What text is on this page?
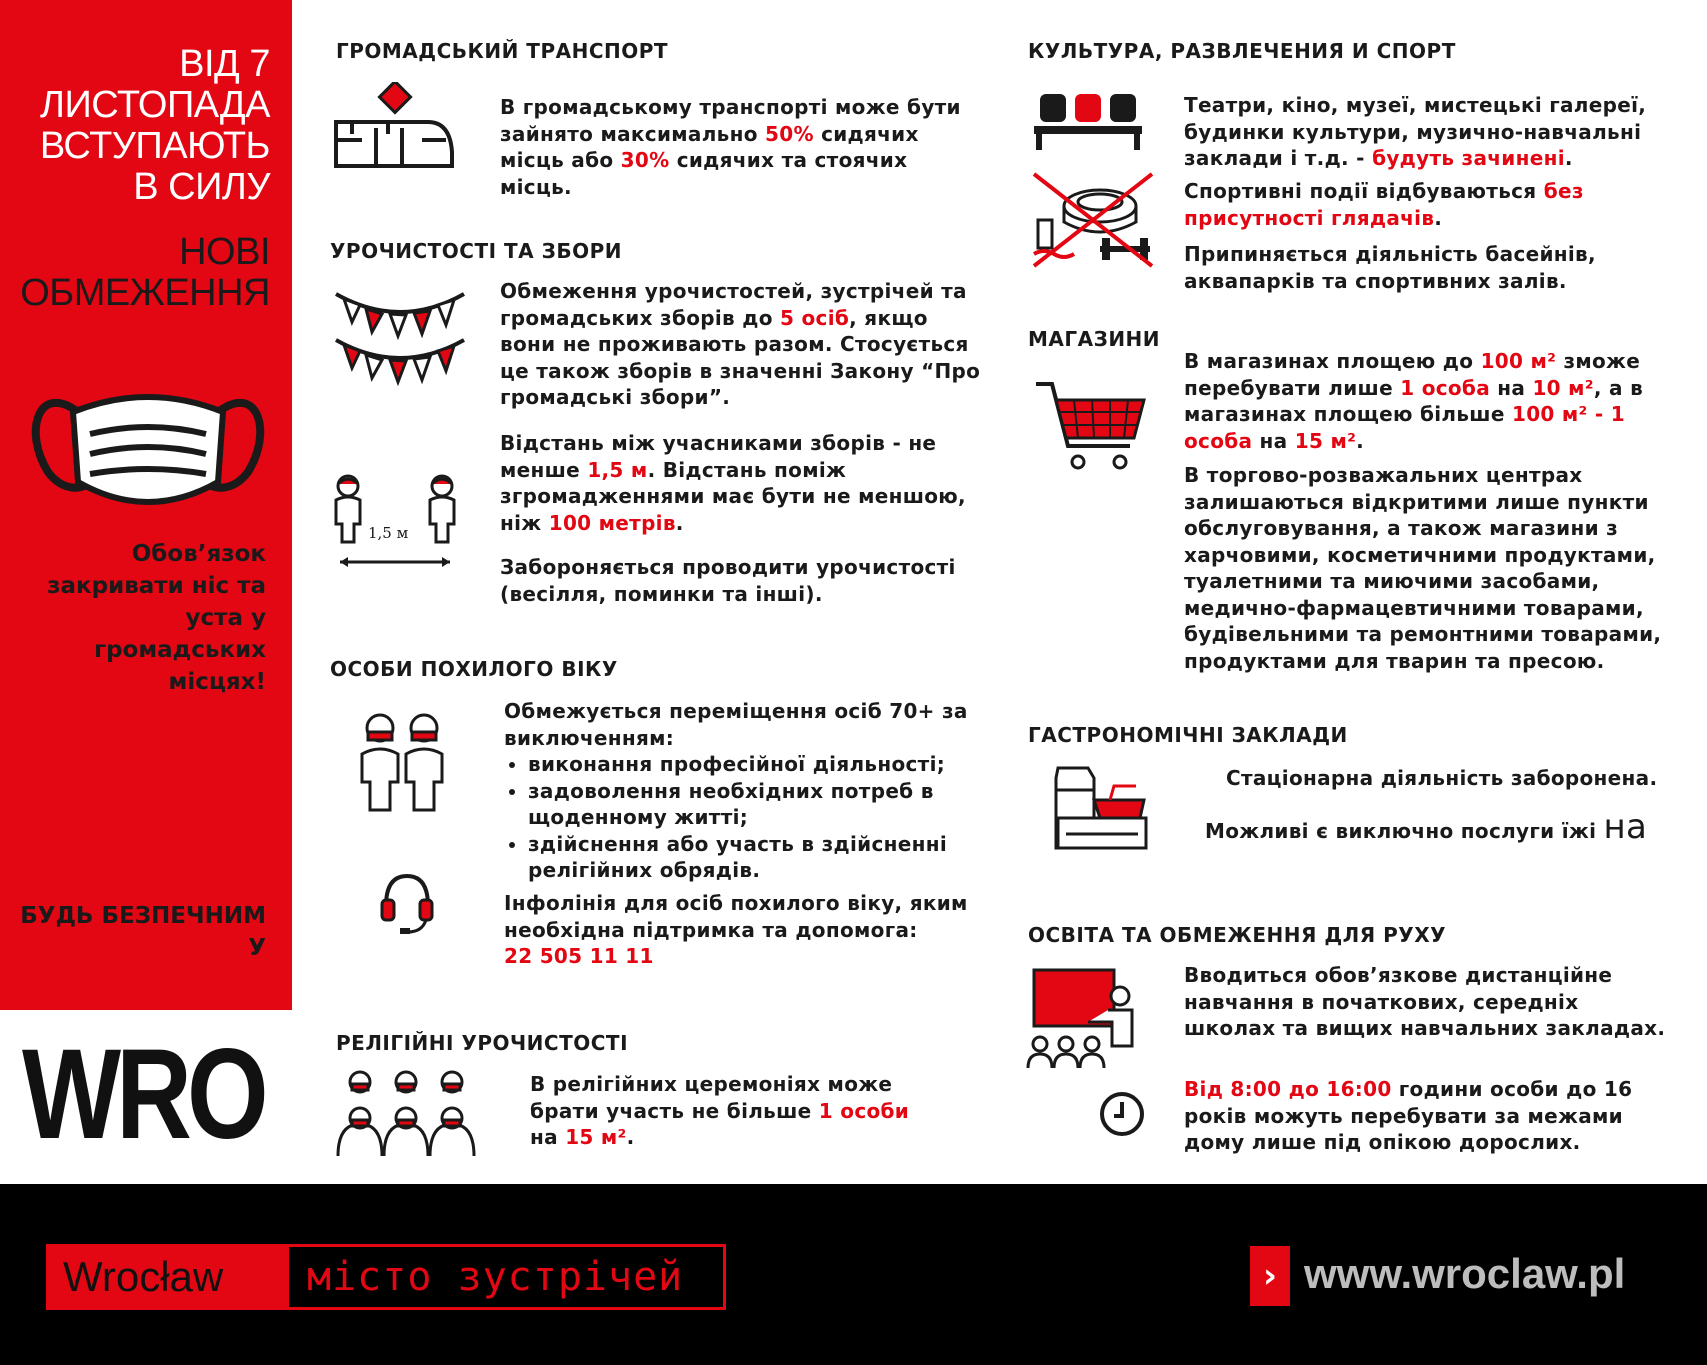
ВІД 7
ЛИСТОПАДА
ВСТУПАЮТЬ
В СИЛУ
НОВІ
ОБМЕЖЕННЯ
Обов’язок закривати ніс та уста у громадських місцях!
БУДЬ БЕЗПЕЧНИМ У
WRO
ГРОМАДСЬКИЙ ТРАНСПОРТ
В громадському транспорті може бути зайнято максимально 50% сидячих місць або 30% сидячих та стоячих місць.
УРОЧИСТОСТІ ТА ЗБОРИ
Обмеження урочистостей, зустрічей та громадських зборів до 5 осіб, якщо вони не проживають разом. Стосується це також зборів в значенні Закону “Про громадські збори”.
1,5 м
Відстань між учасниками зборів - не менше 1,5 м. Відстань поміж згромадженнями має бути не меншою, ніж 100 метрів.
Забороняється проводити урочистості (весілля, поминки та інші).
ОСОБИ ПОХИЛОГО ВІКУ

Обмежується переміщення осіб 70+ за виключенням:

• виконання професійної діяльності;
• задоволення необхідних потреб в щоденному житті;
• здійснення або участь в здійсненні релігійних обрядів.
Інфолінія для осіб похилого віку, яким необхідна підтримка та допомога:
22 505 11 11
РЕЛІГІЙНІ УРОЧИСТОСТІ
В релігійних церемоніях може брати участь не більше 1 особи на 15 м².
КУЛЬТУРА, РАЗВЛЕЧЕНИЯ И СПОРТ
Театри, кіно, музеї, мистецькі галереї, будинки культури, музично-навчальні заклади і т.д. - будуть зачинені.
Спортивні події відбуваються без присутності глядачів.
Припиняється діяльність басейнів, аквапарків та спортивних залів.
МАГАЗИНИ
В магазинах площею до 100 м² зможе перебувати лише 1 особа на 10 м², а в магазинах площею більше 100 м² - 1 особа на 15 м².
В торгово-розважальних центрах залишаються відкритими лише пункти обслуговування, а також магазини з харчовими, косметичними продуктами, туалетними та миючими засобами, медично-фармацевтичними товарами, будівельними та ремонтними товарами, продуктами для тварин та пресою.
ГАСТРОНОМІЧНІ ЗАКЛАДИ
Стаціонарна діяльність заборонена.
Можливі є виключно послуги їжі на
ОСВІТА ТА ОБМЕЖЕННЯ ДЛЯ РУХУ
Вводиться обов’язкове дистанційне навчання в початкових, середніх школах та вищих навчальних закладах.
Від 8:00 до 16:00 години особи до 16 років можуть перебувати за межами дому лише під опікою дорослих.
Wrocław	місто зустрічей	› www.wroclaw.pl
